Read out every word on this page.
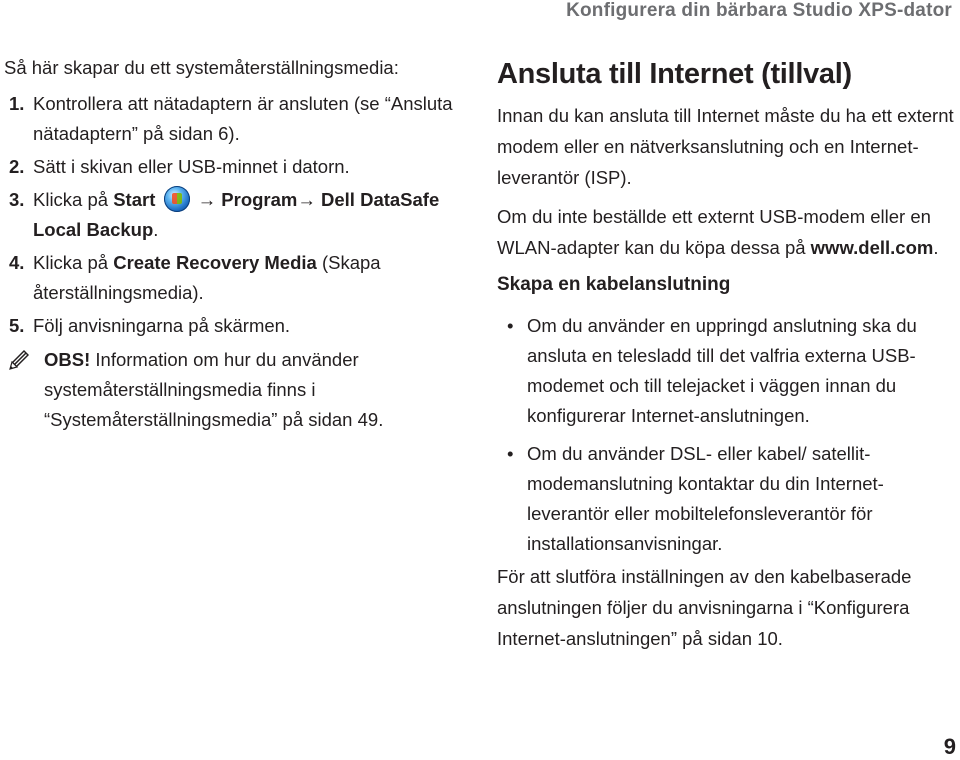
Konfigurera din bärbara Studio XPS-dator

Så här skapar du ett systemåterställningsmedia:

1. Kontrollera att nätadaptern är ansluten (se “Ansluta nätadaptern” på sidan 6).
2. Sätt i skivan eller USB-minnet i datorn.
3. Klicka på Start → Program→ Dell DataSafe Local Backup.
4. Klicka på Create Recovery Media (Skapa återställningsmedia).
5. Följ anvisningarna på skärmen.
OBS! Information om hur du använder systemåterställningsmedia finns i “Systemåterställningsmedia” på sidan 49.
Ansluta till Internet (tillval)

Innan du kan ansluta till Internet måste du ha ett externt modem eller en nätverksanslutning och en Internet-leverantör (ISP).

Om du inte beställde ett externt USB-modem eller en WLAN-adapter kan du köpa dessa på www.dell.com.

Skapa en kabelanslutning
• Om du använder en uppringd anslutning ska du ansluta en telesladd till det valfria externa USB-modemet och till telejacket i väggen innan du konfigurerar Internet-anslutningen.
• Om du använder DSL- eller kabel/ satellit-modemanslutning kontaktar du din Internet-leverantör eller mobiltelefonsleverantör för installationsanvisningar.

För att slutföra inställningen av den kabelbaserade anslutningen följer du anvisningarna i “Konfigurera Internet-anslutningen” på sidan 10.

9
